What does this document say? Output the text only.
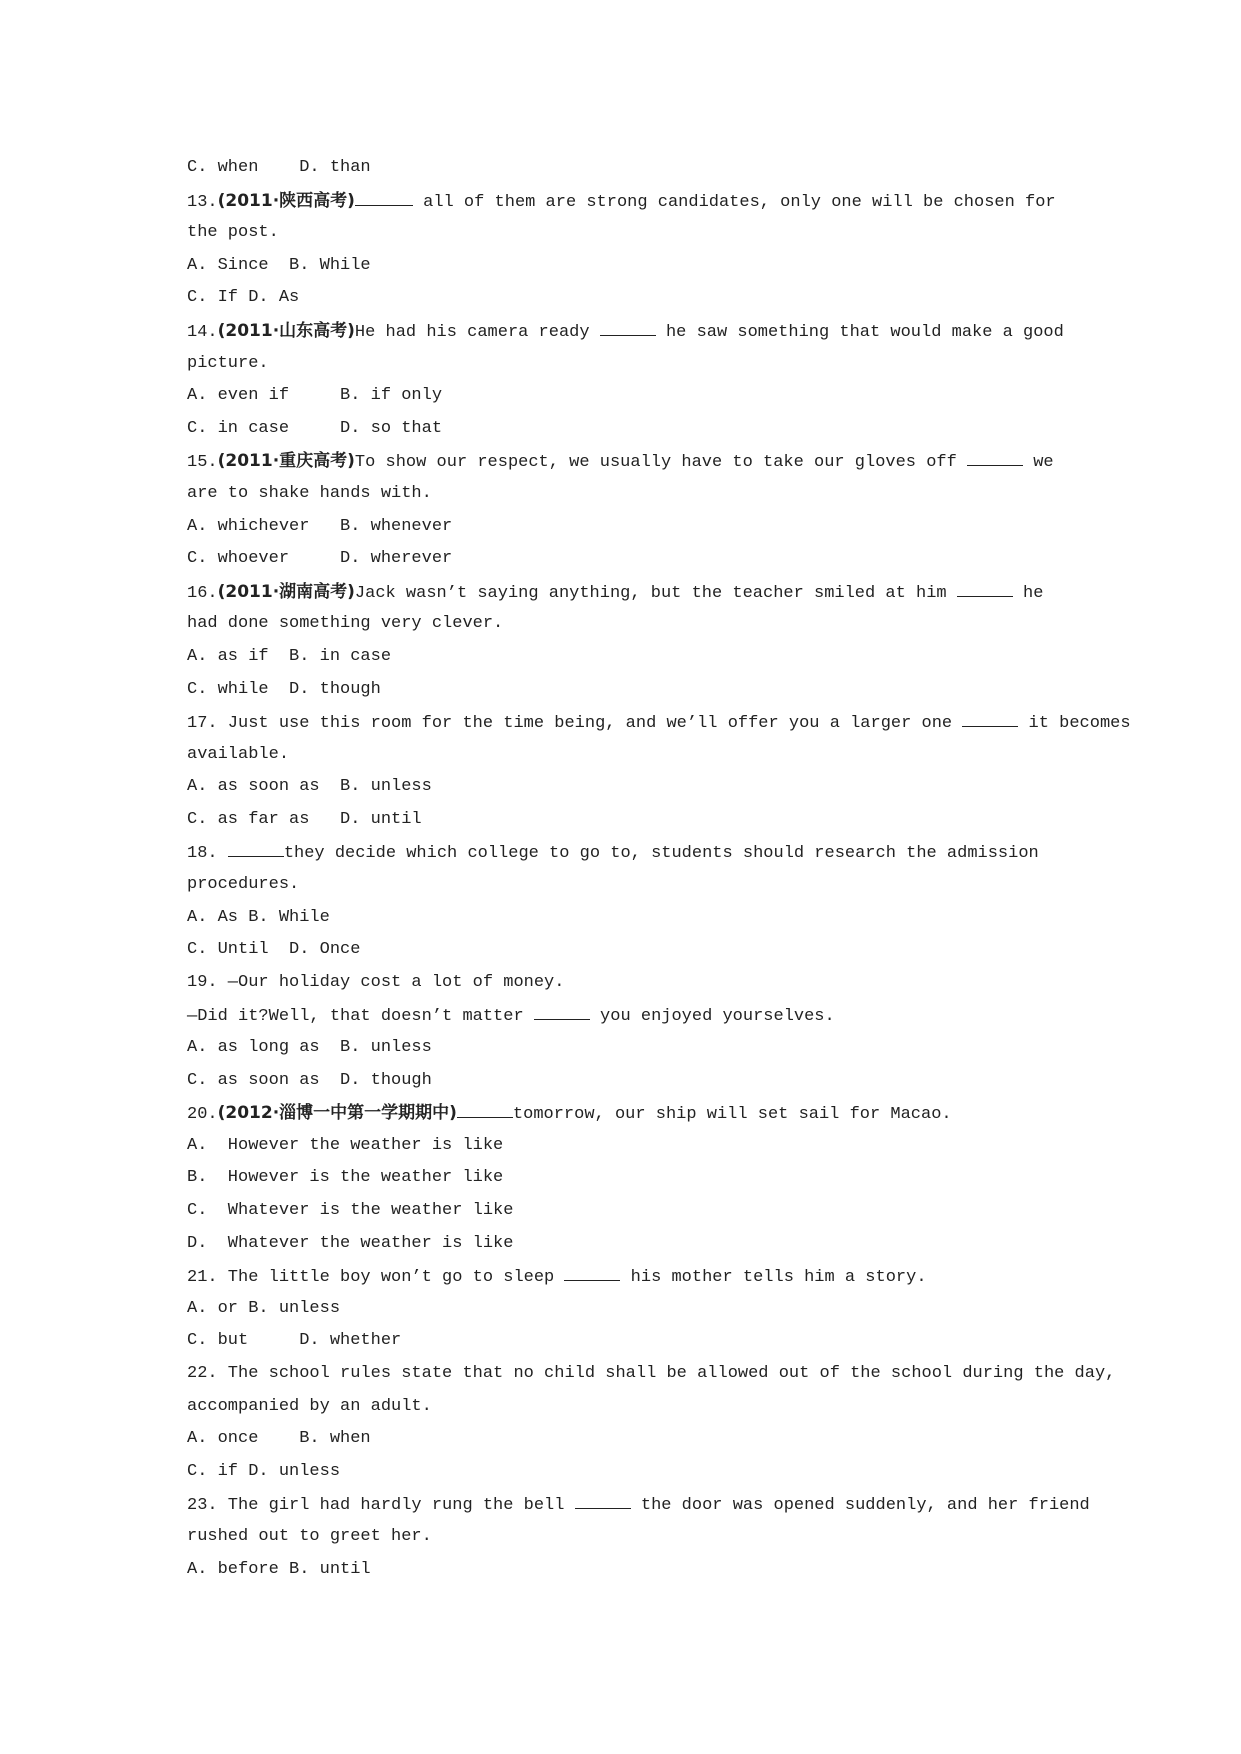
C. when    D. than
13.(2011·陕西高考)	all of them are strong candidates, only one will be chosen for
the post.
A. Since  B. While
C. If D. As
14.(2011·山东高考)He had his camera ready	he saw something that would make a good
picture.
A. even if     B. if only
C. in case     D. so that
15.(2011·重庆高考)To show our respect, we usually have to take our gloves off	we
are to shake hands with.
A. whichever   B. whenever
C. whoever     D. wherever
16.(2011·湖南高考)Jack wasn’t saying anything, but the teacher smiled at him	he
had done something very clever.
A. as if  B. in case
C. while  D. though
17. Just use this room for the time being, and we’ll offer you a larger one	it becomes
available.
A. as soon as  B. unless
C. as far as   D. until
18.	they decide which college to go to, students should research the admission
procedures.
A. As B. While
C. Until  D. Once
19. —Our holiday cost a lot of money.
—Did it?Well, that doesn’t matter	you enjoyed yourselves.
A. as long as  B. unless
C. as soon as  D. though
20.(2012·淄博一中第一学期期中)	tomorrow, our ship will set sail for Macao.
A.  However the weather is like
B.  However is the weather like
C.  Whatever is the weather like
D.  Whatever the weather is like
21. The little boy won’t go to sleep	his mother tells him a story.
A. or B. unless
C. but     D. whether
22. The school rules state that no child shall be allowed out of the school during the day,
accompanied by an adult.
A. once    B. when
C. if D. unless
23. The girl had hardly rung the bell	the door was opened suddenly, and her friend
rushed out to greet her.
A. before B. until
